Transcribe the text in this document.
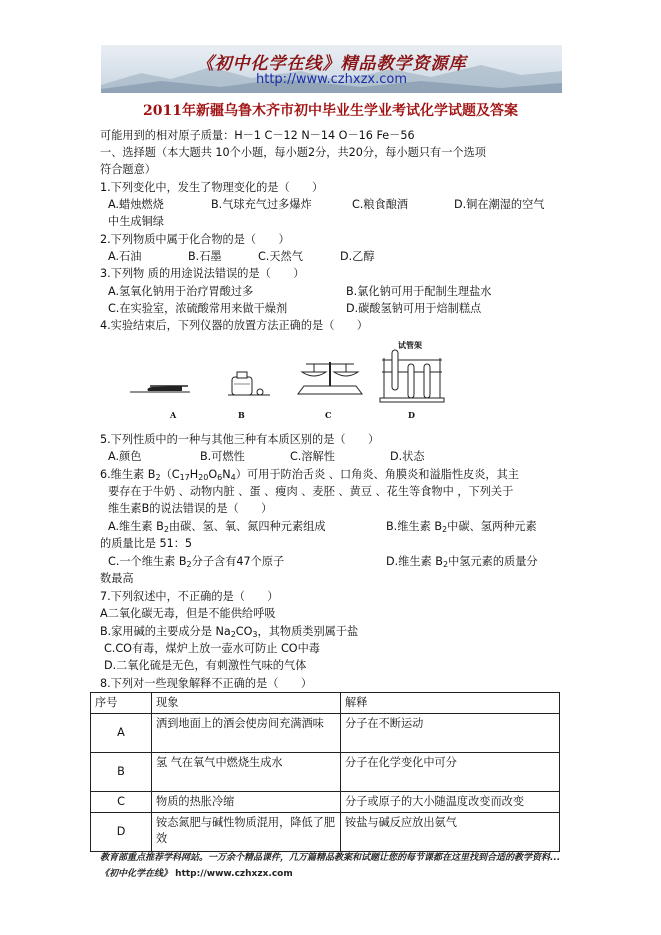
《初中化学在线》精品教学资源库
http://www.czhxzx.com
2011年新疆乌鲁木齐市初中毕业生学业考试化学试题及答案
可能用到的相对原子质量：H－1 C－12 N－14 O－16 Fe－56
一、选择题（本大题共 10个小题，每小题2分，共20分，每小题只有一个选项
符合题意）
1.下列变化中，发生了物理变化的是（　　）
A.蜡烛燃烧	B.气球充气过多爆炸	C.粮食酿酒	D.铜在潮湿的空气
中生成铜绿
2.下列物质中属于化合物的是（　　）
A.石油	B.石墨	C.天然气	D.乙醇
3.下列物 质的用途说法错误的是（　　）
A.氢氧化钠用于治疗胃酸过多	B.氯化钠可用于配制生理盐水
C.在实验室，浓硫酸常用来做干燥剂	D.碳酸氢钠可用于焙制糕点
4.实验结束后，下列仪器的放置方法正确的是（　　）
试管架
A	B	C	D
5.下列性质中的一种与其他三种有本质区别的是（　　）
A.颜色	B.可燃性	C.溶解性	D.状态
6.维生素 $B_2(C_{17}H_{20}O_6N_4)$可用于防治舌炎 、口角炎、角膜炎和溢脂性皮炎，其主
要存在于牛奶 、动物内脏 、蛋 、瘦肉 、麦胚 、黄豆 、花生等食物中 ，下列关于
维生素B的说法错误的是（　　）
A.维生素 $B_2$由碳、氢、氧、氮四种元素组成	B.维生素 $B_2$中碳、氢两种元素
的质量比是 51：5
C.一个维生素 $B_2$分子含有47个原子	D.维生素 $B_2$中氢元素的质量分
数最高
7.下列叙述中，不正确的是（　　）
A二氧化碳无毒，但是不能供给呼吸
B.家用碱的主要成分是 $Na_2CO_3$，其物质类别属于盐
C.CO有毒，煤炉上放一壶水可防止 CO中毒
D.二氧化硫是无色，有刺激性气味的气体
8.下列对一些现象解释不正确的是（　　）
序号	现象	解释
A	洒到地面上的酒会使房间充满酒味	分子在不断运动
B	氢 气在氧气中燃烧生成水	分子在化学变化中可分
C	物质的热胀冷缩	分子或原子的大小随温度改变而改变
D	铵态氮肥与碱性物质混用，降低了肥效	铵盐与碱反应放出氨气
教育部重点推荐学科网站。一万余个精品课件，几万篇精品教案和试题让您的每节课都在这里找到合适的教学资料...《初中化学在线》 http://www.czhxzx.com
